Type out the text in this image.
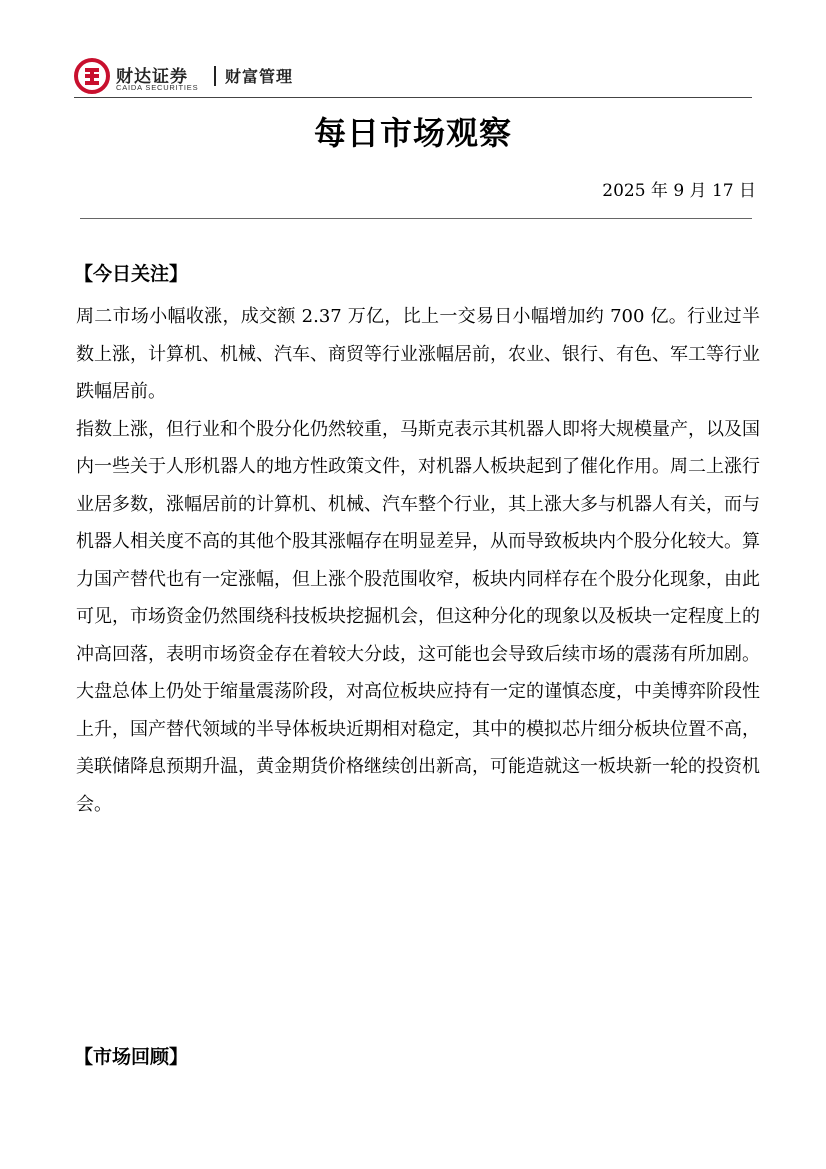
财达证券
CAIDA SECURITIES
财富管理
每日市场观察
2025 年 9 月 17 日
【今日关注】

周二市场小幅收涨，成交额 2.37 万亿，比上一交易日小幅增加约 700 亿。行业过半数上涨，计算机、机械、汽车、商贸等行业涨幅居前，农业、银行、有色、军工等行业跌幅居前。

指数上涨，但行业和个股分化仍然较重，马斯克表示其机器人即将大规模量产，以及国内一些关于人形机器人的地方性政策文件，对机器人板块起到了催化作用。周二上涨行业居多数，涨幅居前的计算机、机械、汽车整个行业，其上涨大多与机器人有关，而与机器人相关度不高的其他个股其涨幅存在明显差异，从而导致板块内个股分化较大。算力国产替代也有一定涨幅，但上涨个股范围收窄，板块内同样存在个股分化现象，由此可见，市场资金仍然围绕科技板块挖掘机会，但这种分化的现象以及板块一定程度上的冲高回落，表明市场资金存在着较大分歧，这可能也会导致后续市场的震荡有所加剧。

大盘总体上仍处于缩量震荡阶段，对高位板块应持有一定的谨慎态度，中美博弈阶段性上升，国产替代领域的半导体板块近期相对稳定，其中的模拟芯片细分板块位置不高，美联储降息预期升温，黄金期货价格继续创出新高，可能造就这一板块新一轮的投资机会。

【市场回顾】
